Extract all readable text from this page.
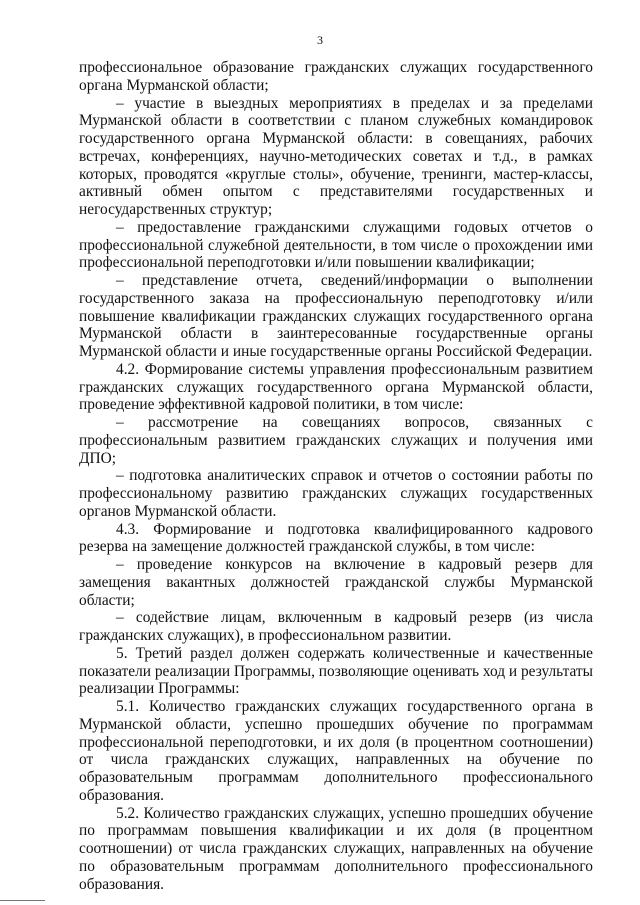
3

профессиональное образование гражданских служащих государственного органа Мурманской области;

– участие в выездных мероприятиях в пределах и за пределами Мурманской области в соответствии с планом служебных командировок государственного органа Мурманской области: в совещаниях, рабочих встречах, конференциях, научно-методических советах и т.д., в рамках которых, проводятся «круглые столы», обучение, тренинги, мастер-классы, активный обмен опытом с представителями государственных и негосударственных структур;

– предоставление гражданскими служащими годовых отчетов о профессиональной служебной деятельности, в том числе о прохождении ими профессиональной переподготовки и/или повышении квалификации;

– представление отчета, сведений/информации о выполнении государственного заказа на профессиональную переподготовку и/или повышение квалификации гражданских служащих государственного органа Мурманской области в заинтересованные государственные органы Мурманской области и иные государственные органы Российской Федерации.

4.2. Формирование системы управления профессиональным развитием гражданских служащих государственного органа Мурманской области, проведение эффективной кадровой политики, в том числе:

– рассмотрение на совещаниях вопросов, связанных с профессиональным развитием гражданских служащих и получения ими ДПО;

– подготовка аналитических справок и отчетов о состоянии работы по профессиональному развитию гражданских служащих государственных органов Мурманской области.

4.3. Формирование и подготовка квалифицированного кадрового резерва на замещение должностей гражданской службы, в том числе:

– проведение конкурсов на включение в кадровый резерв для замещения вакантных должностей гражданской службы Мурманской области;

– содействие лицам, включенным в кадровый резерв (из числа гражданских служащих), в профессиональном развитии.

5. Третий раздел должен содержать количественные и качественные показатели реализации Программы, позволяющие оценивать ход и результаты реализации Программы:

5.1. Количество гражданских служащих государственного органа в Мурманской области, успешно прошедших обучение по программам профессиональной переподготовки, и их доля (в процентном соотношении) от числа гражданских служащих, направленных на обучение по образовательным программам дополнительного профессионального образования.

5.2. Количество гражданских служащих, успешно прошедших обучение по программам повышения квалификации и их доля (в процентном соотношении) от числа гражданских служащих, направленных на обучение по образовательным программам дополнительного профессионального образования.
